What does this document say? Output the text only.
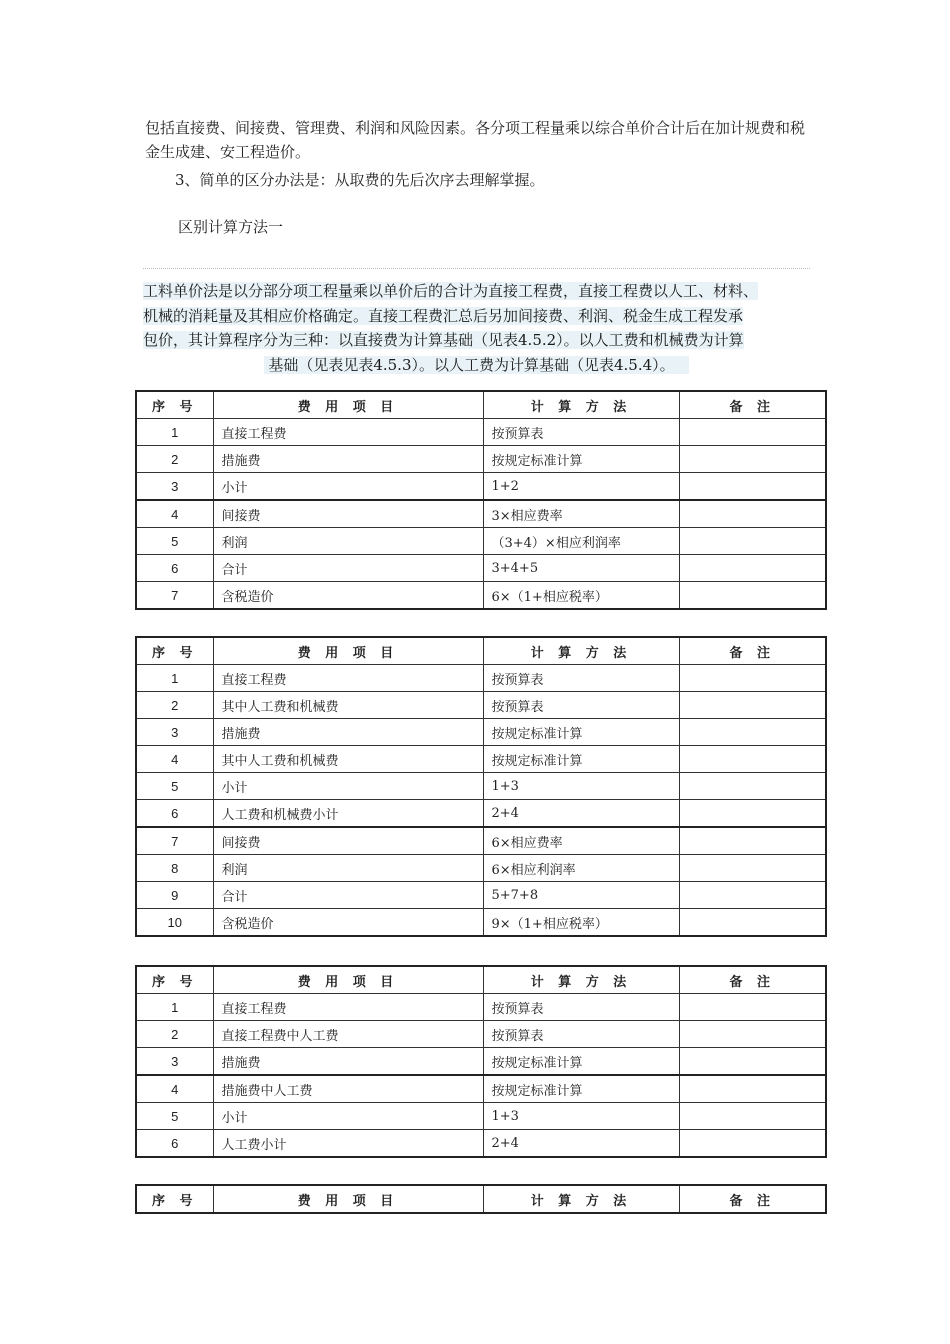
包括直接费、间接费、管理费、利润和风险因素。各分项工程量乘以综合单价合计后在加计规费和税金生成建、安工程造价。
3、简单的区分办法是：从取费的先后次序去理解掌握。
区别计算方法一
工料单价法是以分部分项工程量乘以单价后的合计为直接工程费，直接工程费以人工、材料、
机械的消耗量及其相应价格确定。直接工程费汇总后另加间接费、利润、税金生成工程发承
包价，其计算程序分为三种：以直接费为计算基础（见表4.5.2）。以人工费和机械费为计算
基础（见表见表4.5.3）。以人工费为计算基础（见表4.5.4）。
序 号	费 用 项 目	计 算 方 法	备 注
1	直接工程费	按预算表	
2	措施费	按规定标准计算	
3	小计	1+2	
4	间接费	3×相应费率	
5	利润	（3+4）×相应利润率	
6	合计	3+4+5	
7	含税造价	6×（1+相应税率）	
序 号	费 用 项 目	计 算 方 法	备 注
1	直接工程费	按预算表	
2	其中人工费和机械费	按预算表	
3	措施费	按规定标准计算	
4	其中人工费和机械费	按规定标准计算	
5	小计	1+3	
6	人工费和机械费小计	2+4	
7	间接费	6×相应费率	
8	利润	6×相应利润率	
9	合计	5+7+8	
10	含税造价	9×（1+相应税率）	
序 号	费 用 项 目	计 算 方 法	备 注
1	直接工程费	按预算表	
2	直接工程费中人工费	按预算表	
3	措施费	按规定标准计算	
4	措施费中人工费	按规定标准计算	
5	小计	1+3	
6	人工费小计	2+4	
序 号	费 用 项 目	计 算 方 法	备 注
